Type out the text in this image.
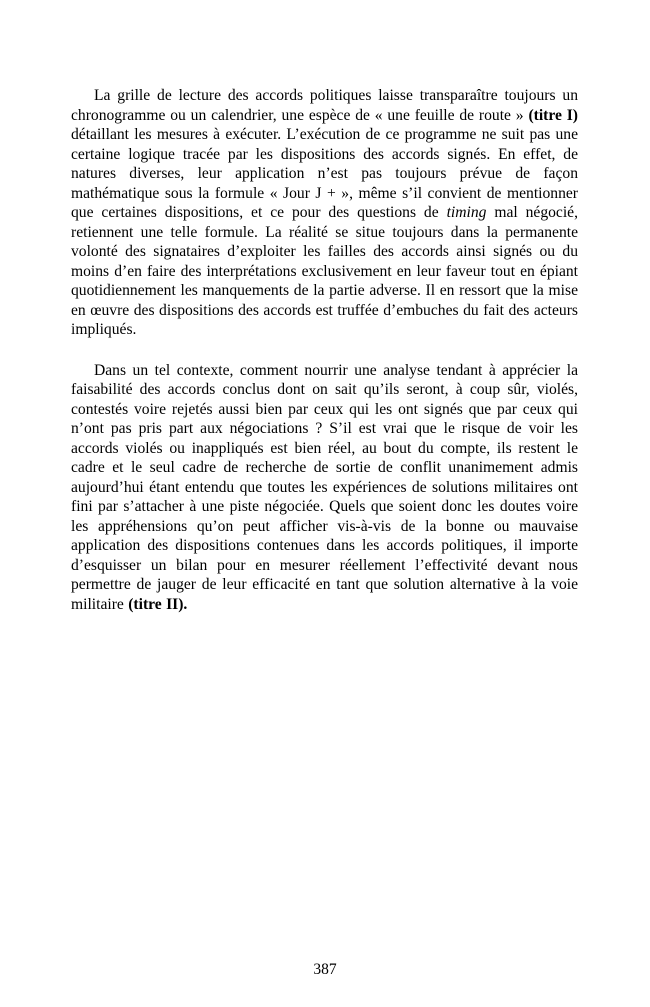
La grille de lecture des accords politiques laisse transparaître toujours un chronogramme ou un calendrier, une espèce de « une feuille de route » (titre I) détaillant les mesures à exécuter. L’exécution de ce programme ne suit pas une certaine logique tracée par les dispositions des accords signés. En effet, de natures diverses, leur application n’est pas toujours prévue de façon mathématique sous la formule « Jour J + », même s’il convient de mentionner que certaines dispositions, et ce pour des questions de timing mal négocié, retiennent une telle formule. La réalité se situe toujours dans la permanente volonté des signataires d’exploiter les failles des accords ainsi signés ou du moins d’en faire des interprétations exclusivement en leur faveur tout en épiant quotidiennement les manquements de la partie adverse. Il en ressort que la mise en œuvre des dispositions des accords est truffée d’embuches du fait des acteurs impliqués.

Dans un tel contexte, comment nourrir une analyse tendant à apprécier la faisabilité des accords conclus dont on sait qu’ils seront, à coup sûr, violés, contestés voire rejetés aussi bien par ceux qui les ont signés que par ceux qui n’ont pas pris part aux négociations ? S’il est vrai que le risque de voir les accords violés ou inappliqués est bien réel, au bout du compte, ils restent le cadre et le seul cadre de recherche de sortie de conflit unanimement admis aujourd’hui étant entendu que toutes les expériences de solutions militaires ont fini par s’attacher à une piste négociée. Quels que soient donc les doutes voire les appréhensions qu’on peut afficher vis-à-vis de la bonne ou mauvaise application des dispositions contenues dans les accords politiques, il importe d’esquisser un bilan pour en mesurer réellement l’effectivité devant nous permettre de jauger de leur efficacité en tant que solution alternative à la voie militaire (titre II).

387
